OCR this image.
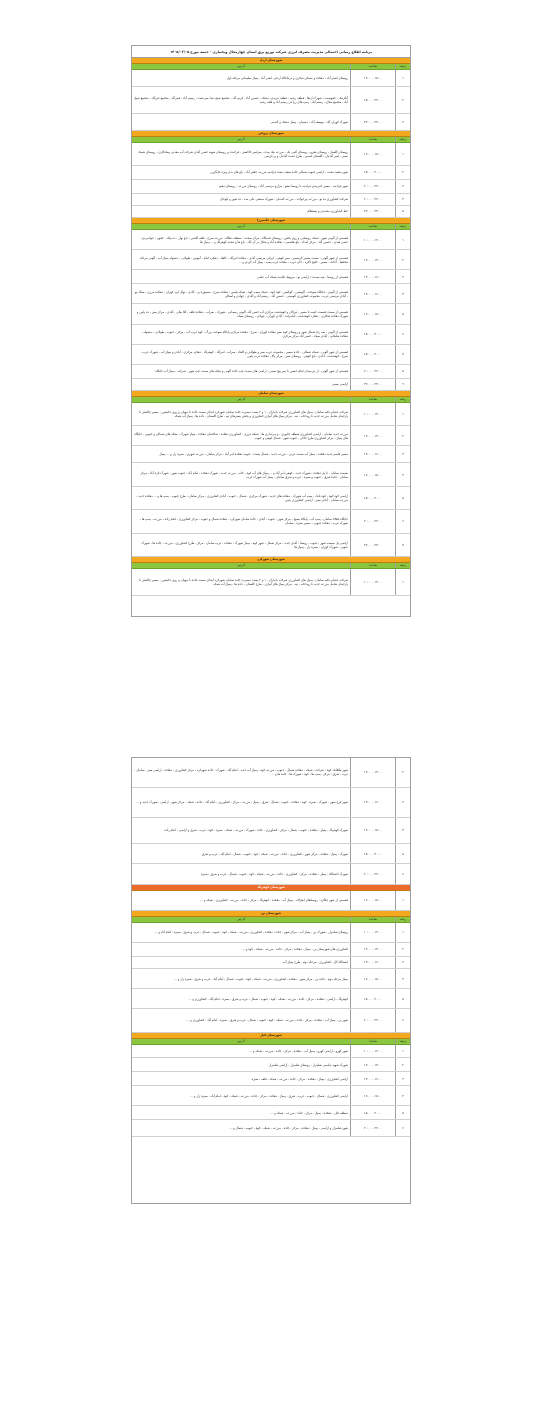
برنامه اطلاع رسانی احتمالی مدیریت مصرف انرژی شرکت توزیع برق استان چهارمحال وبختیاری - جمعه مورخ ۱۴۰۵/۰۳/۰۵
شهرستان اردل
ردیف
ساعت
آدرس
۱
۱۶:۰۰ - ۱۸:۰۰
روستای اشتر آباد ، دهکده و مسکن شکری و درمانگاه اردلی، اشتر آباد ، پمپاژ سلیمانی مرحله اول
۲
۱۸:۰۰ - ۲۲:۰۰
آبگرمک ، جفوصیت ، شهرک ارتقا ، قطعه رشید ، قطعه مزیدی، دشتک ، حسین آباد ، کریم آباد ، مجتمع شیخ دنیا، سردشت ، رستم آباد ، قنبرآباد ، مجتمع خیرآباد ، مجتمع شیخ آباد ، مجتمع صلاح ، رستم آباد ، پمپ های زراعی رستم آباد و قلعه رشید
۳
۲۲:۰۰ - ۲۴:۰۰
شهرک کهران آباد ، یوسف آباد ، دیسیان ، پمپاژ دشتک و گندمی
شهرستان بروجن
ردیف
ساعت
آدرس
۱
۱۶:۰۰ - ۱۸:۰۰
روستای گلسار ، روستای مفرو ، روستای گنبی بک ، مزرعه نیک بیده ، سراسر خاکستر ، فرخنده پر روستای شهید حسن آبادی شرکت آب معدنی پیمانکاری ، روستای شمک نصیر ، امیر آبادیان ، گلستان اسمی ، طرح دشت آبادیان و پر فریمی
۲
۱۸:۰۰ - ۲۰:۰۰
شهر سفید دشت ، اراضی جنوب شمالی جاده سفید دشت فرادنبه مزرعه جعفر آباد ، باغ های بدی ویژه جایگزین
۳
۲۰:۰۰ - ۲۲:۰۰
شهر فرادنبه ، مسیر کمربندی فرادنبه تا روستا دهنو ، مزارع مرتضی آباد ، روستای مزرعه ، روستای دهنو
۴
۲۰:۰۰ - ۲۲:۰۰
شرکت کشاورزی ده نو ، مزرعه پیرخواجه ، مزرعه گندمان ، شهرک صنعتی علی مدد ، ده شور و بلوجان
۵
۲۲:۰۰ - ۲۴:۰۰
خط کشاورزی محمدی و پستقلام
شهرستان خانمیرزا
ردیف
ساعت
آدرس
۱
۱۰:۰۰ - ۱۲:۰۰
قسمتی از آلونی شهر ، شبکه روستایی و روی بخش ، روستای قدمگاه ، مرکز صحت ، منطقه دهگاه ، مزرعه سرخ ، قلعه گلشن ، داغ بهار ، ده بیلاد ، جفون ، جوانمردی ، حسن هندی ، حسین آباد ، مرکز امداد ، باغ هاشمی ، دهکده آباد و شکار در آن آباد ، باغ ها و دشت کوهرنگ و ... پمپاژ ها
۲
۱۲:۰۰ - ۱۴:۰۰
قسمتی از شهر آلونی ، سمت مسیر گرمسیر ، سبز کوهی ، ایرانی مرتضی آبادی ، دهکده امرآباد ، کاهاد ، دهکرد امام ، آبنوس ، طولانی ، دبشوله پمپاژ آب ، آلونی مرحله مختلط ، آجاده - مسیر ، خلیج لاکرد ، خان غرب ، دهکده غرب پمپ ، پمپاژ آب گردی و ...
۳
۱۴:۰۰ - ۱۶:۰۰
قسمتی از روستا ، سه سمت / اراضی نو ، مربوط علامت شبکه آب علمی
۴
۱۴:۰۰ - ۱۶:۰۰
قسمتی از آلونی ، جایگاه سوخت ، آلوستی ، گوکیش ، کوه کوه ، شبکه سیب کوه ، شبکه پلیس ، دهکده سرخ ، مستوره پر ، آبادی ، نهال ایزد کهران ، دهکده مرزی ، سنگ پو ، آبادی مرتضی غرب ، مجموعه کشاورزی الوستی ، حسین آباد ، رستم آباد و آبادی ، جهادی و اسکان
۵
۱۶:۰۰ - ۱۸:۰۰
قسمتی از سمت قسمت خیمه تا مسیر ، تیرگان و کوهدشت مرکزی آب حسن آباد، آلونی رمضانی ، شهرک ، سرآب ، دهکده قلعه ، آقا بیگی ، آبادی ، مرکز سبز ، ده پایین و شهرک دهکده شکاری ، دهکرد کوهدشت ، امامزاده ، آبادی کهران ، جهادی ، روستای سیاه
۶
۱۸:۰۰ - ۲۰:۰۰
قسمتی از آلونی ، سه راه شمال شهر و روستای کوه سبز دهکده کهران ، سرخ ، دهکده مرکزی پایگاه سوخت بزرگ ، کوه غرب آب - مرکز ، جنوب ، طولانی ، دبشوله ، دهکده شاهانی ، آبادی سیاه ، حسن آباد مرکز مرکزی
۷
۱۸:۰۰ - ۲۰:۰۰
قسمتی از شهر آلونی ، شبکه شمالی ، جاده مسیر ، مجموعه غرب سبز و طولانی و کاهاد ، سرآب ، امرآباد ، کوهرنگ ، دهکرد مرکزی ، آبادی و پمپاژ آب ، شهرک غرب ، سرخ ، کوهدشت ، آبادی ، باغ کوهی ، روستای سبز ، مرکز بالا ، دهکده غرب پایین
۸
۲۰:۰۰ - ۲۲:۰۰
قسمتی از شهر آلونی ، از دو میدان امام حسین تا سر پیچ سینی ، اراضی های سمت چپ جاده آلونی و محله های سمت چپ شهر ، شرکت ، پمپاژ آب جایگاه
۹
۲۲:۰۰ - ۲۴:۰۰
اراضی سینی
شهرستان سامان
ردیف
ساعت
آدرس
۱
۱۰:۰۰ - ۱۲:۰۰
شرکت عشایر تکیه سامان ، پمپاژ های کشاورزی شرکت داماران ، ۱ و ۲ پست دیسرت جاده سامان شهرکرد ابتدای سمت جاده تا دیهیان و روی جانشین ، مسیر چالشتر تا پارچمان شامل مزرعه جدید تا رودخانه ، تبه ، مرکز پمپاژ های آبیاری کشاورزی و بخش بسترهای تپه ، طرح گلستان ، داده ها ، پمپاژ آب شبکه
۲
۱۲:۰۰ - ۱۴:۰۰
مزرعه جدید سامان ، اراضی کشاورزی منطقه جانوری ، و مرغداری ها ، شبکه مرزی ، کشاورزی دهکده ، ساختمان دهکده ، پمپاژ شهرک ، محله های شمالی و جنوبی ، جایگاه های پمپاژ ، مرکز کشاورزی طرح خاکی ، جنوب شهر ، شمال کوهی و جنوب
۳
۱۴:۰۰ - ۱۶:۰۰
مسیر قاسم جدید دهکده ، پمپاژ آب سمت غربی ، مزرعه جدید ، شمال پست ، جنوب دهکده امر آباد ، مرکز سامان ، مزرعه شهری ، سبزه زار و ... پمپاژ
۴
۱۶:۰۰ - ۱۸:۰۰
بسمت سامان ، تا پل دهکده ، شهرک جدید ، کوهی امر آباد و ... پمپاژ های آب کوه ، خانه ، مزرعه جدید ، شهرک دهکده ، امام آباد ، جنوب شهر ، شهرک تازه آباد ، مرکز سامان ، جاده شرق ، جنوب و سبزه ، غرب و شرق سامان ، پمپاژ آب شهرک غرب
۵
۱۸:۰۰ - ۲۰:۰۰
اراضی کوه کوه ، کوه بانک ، پمپ آب شهرک ، دهکده های جدید ، شهرک مرکزی ، شمال ، جنوب ، آبادی کشاورزی ، مرکز سامان ، طرح جنوب ، پمپ ها و ... دهکده جدید ، مزرعه سامان ، آبادی سبز ، اراضی کشاورزی پایین
۶
۲۰:۰۰ - ۲۲:۰۰
جایگاه CNG سامان ، پمپ آب ، پایگاه بسیج ، مرکز شهر ، جنوب ، آبادی ، جاده سامان شهرکرد ، دهکده شمال و جنوب ، مرکز کشاورزی ، امام زاده ، مزرعه ، پمپ ها ، شهرک غرب ، دهکده جنوبی ، مسیر سبزه ، سامان
۷
۲۲:۰۰ - ۲۴:۰۰
اراضی پل سیمت شهر ، جنوب ، روستا ، آبادی جدید ، مرکز شمال ، شهر کوه ، پمپاژ شهرک ، دهکده ، غرب سامان ، مرکز ، طرح کشاورزی ، مزرعه ، جاده ها ، شهرک جنوبی ، شهرک کهران ، سبزه زار ، پمپاژ ها
شهرستان شهرکرد
ردیف
ساعت
آدرس
۱
۱۰:۰۰ - ۱۲:۰۰
شرکت عشایر تکیه سامان ، پمپاژ های کشاورزی شرکت داماران ، ۱ و ۲ پست دیسرت جاده سامان شهرکرد ابتدای سمت جاده تا دیهیان و روی جانشین ، مسیر چالشتر تا پارچمان شامل مزرعه جدید تا رودخانه ، تپه ، مرکز پمپاژ های آبیاری ، طرح گلستان ، داده ها ، پمپاژ آب شبکه
۲
۱۲:۰۰ - ۱۴:۰۰
شهر طاقانک کوه ، شرکت ، شبکه ، دهکده شمال ، جنوب ، مزرعه کوه ، پمپاژ آب جدید ، امام آباد ، شهرک ، جاده شهرکرد ، مرکز کشاورزی ، دهکده ، اراضی سبز ، سامان ، غرب ، شرق ، مرکز ، پمپ ها ، کوه ، شهرک ها ، جاده ها و ...
۳
۱۴:۰۰ - ۱۶:۰۰
شهر فرخ شهر ، شهرک ، سبزه ، کوه ، دهکده ، جنوب ، شمال ، شرق ، پمپاژ ، مزرعه ، مرکز ، کشاورزی ، امام آباد ، جاده ، شبکه ، مرکز شهر ، اراضی ، شهرک جدید و ...
۴
۱۶:۰۰ - ۱۸:۰۰
شهرک کوهرنگ ، پمپاژ ، دهکده ، جنوب ، شمال ، مرکز ، کشاورزی ، جاده ، شهرک ، مزرعه ، شبکه ، سبزه ، کوه ، غرب ، شرق و اراضی ، امام زاده
۵
۱۸:۰۰ - ۲۰:۰۰
شهرک ، پمپاژ ، دهکده ، مرکز شهر ، کشاورزی ، جاده ، مزرعه ، شبکه ، کوه ، جنوب ، شمال ، امام آباد ، غرب و شرق
۶
۲۰:۰۰ - ۲۲:۰۰
شهرک دانشگاه ، پمپاژ ، دهکده ، مرکز ، کشاورزی ، جاده ، مزرعه ، شبکه ، کوه ، جنوب ، شمال ، غرب و شرق ، سبزه
شهرستان کوهرنگ
۱
۱۶:۰۰ - ۱۸:۰۰
قسمتی از شهر چلگرد ، روستاهای اطراف ، پمپاژ آب ، دهکده ، کوهرنگ ، مرکز ، جاده ، مزرعه ، کشاورزی ، شبکه و ...
شهرستان بن
ردیف
ساعت
آدرس
۱
۱۰:۰۰ - ۱۲:۰۰
روستای شلمزار ، شهرک بن ، پمپاژ آب ، مرکز شهر ، جاده ، دهکده ، کشاورزی ، مزرعه ، شبکه ، کوه ، جنوب ، شمال ، غرب و شرق ، سبزه ، امام آباد و ...
۲
۱۲:۰۰ - ۱۴:۰۰
کشاورزی های شهرستان بن ، پمپاژ ، دهکده ، مرکز ، جاده ، مزرعه ، شبکه ، کوه و ...
۳
۱۴:۰۰ - ۱۶:۰۰
ایستگاه گاز ، کشاورزی ، مرحله دوم ، طرح پمپاژ آب
۴
۱۶:۰۰ - ۱۸:۰۰
پمپاژ مرحله دوم ، جاده بن ، مرکز شهر ، دهکده ، کشاورزی ، مزرعه ، شبکه ، کوه ، جنوب ، شمال ، امام آباد ، غرب و شرق ، سبزه زار و ...
۵
۱۸:۰۰ - ۲۰:۰۰
کوهرنگ ، اراضی ، دهکده ، مرکز ، جاده ، مزرعه ، شبکه ، کوه ، جنوب ، شمال ، غرب و شرق ، سبزه ، امام آباد ، کشاورزی و ...
۶
۲۰:۰۰ - ۲۲:۰۰
شهر بن ، پمپاژ آب ، دهکده ، مرکز ، جاده ، مزرعه ، شبکه ، کوه ، جنوب ، شمال ، غرب و شرق ، سبزه ، امام آباد ، کشاورزی و ...
شهرستان کیار
ردیف
ساعت
آدرس
۱
۱۰:۰۰ - ۱۲:۰۰
شهر گهرو ، اراضی گهرو ، پمپاژ آب ، دهکده ، مرکز ، جاده ، مزرعه ، شبکه و ...
۲
۱۲:۰۰ - ۱۴:۰۰
شهرک شهید عباسی شلمزار ، روستای شلمزار ، اراضی شلمزار
۳
۱۴:۰۰ - ۱۶:۰۰
اراضی کشاورزی ، پمپاژ ، دهکده ، مرکز ، جاده ، مزرعه ، شبکه ، قلعه ، سبزه
۴
۱۶:۰۰ - ۱۸:۰۰
اراضی کشاورزی ، شمال ، جنوب ، غرب ، شرق ، پمپاژ ، دهکده ، مرکز ، جاده ، مزرعه ، شبکه ، کوه ، امام آباد ، سبزه زار و ...
۵
۱۸:۰۰ - ۲۰:۰۰
منطقه کیار ، دهکده ، پمپاژ ، مرکز ، جاده ، مزرعه ، شبکه و ...
۶
۲۰:۰۰ - ۲۲:۰۰
شهر شلمزار و اراضی ، پمپاژ ، دهکده ، مرکز ، جاده ، مزرعه ، شبکه ، کوه ، جنوب ، شمال و ...
